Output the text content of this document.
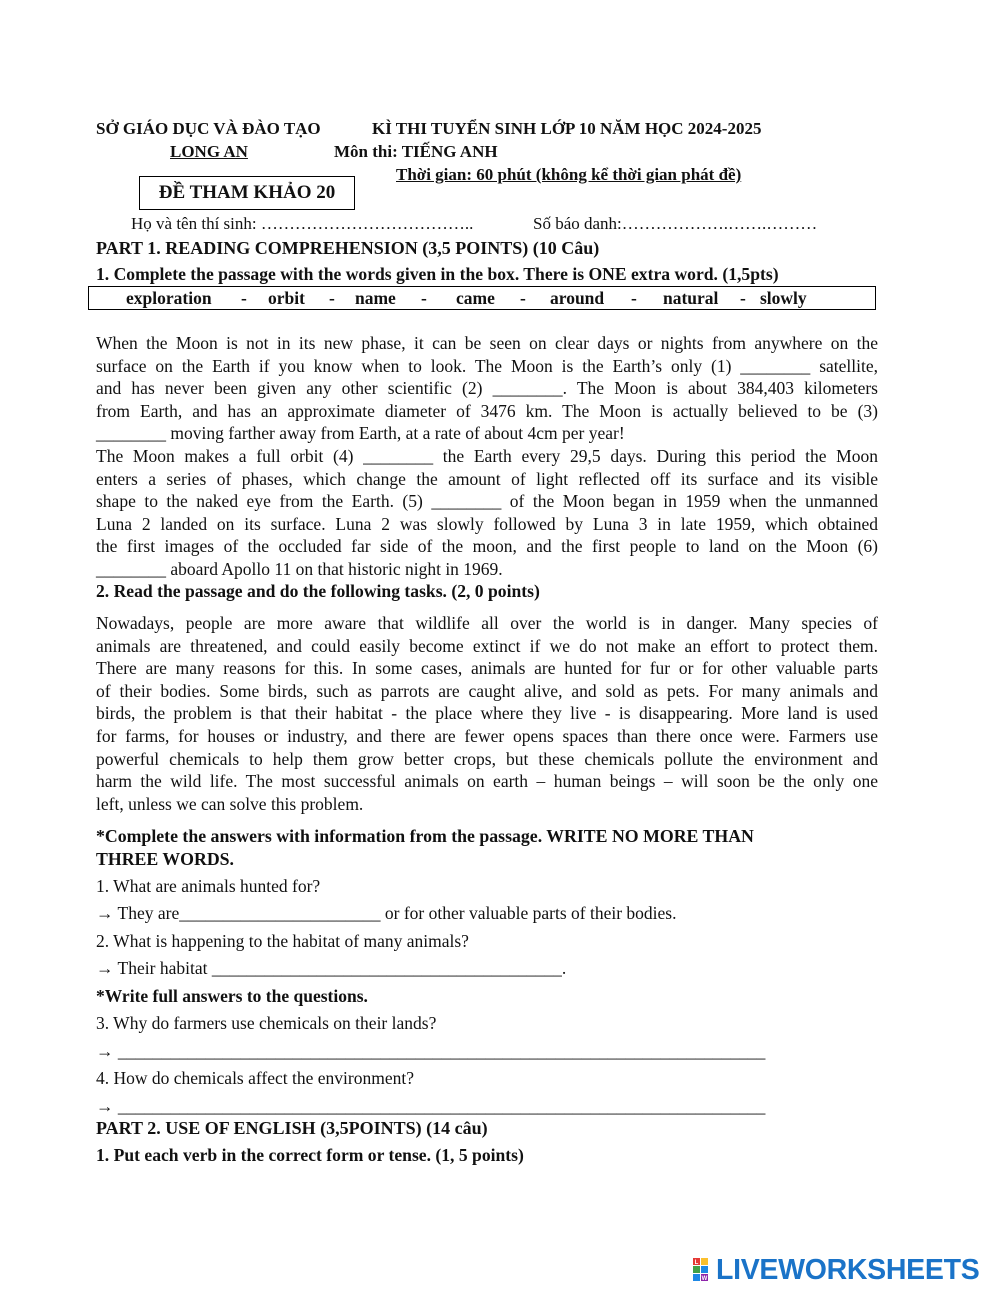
SỞ GIÁO DỤC VÀ ĐÀO TẠO	KÌ THI TUYỂN SINH LỚP 10 NĂM HỌC 2024-2025
LONG AN	Môn thi: TIẾNG ANH
Thời gian: 60 phút (không kể thời gian phát đề)
ĐỀ THAM KHẢO 20
Họ và tên thí sinh: ………………………………..	Số báo danh:……………….…….………
PART 1. READING COMPREHENSION (3,5 POINTS) (10 Câu)
1. Complete the passage with the words given in the box. There is ONE extra word. (1,5pts)
exploration - orbit - name - came - around - natural - slowly
When the Moon is not in its new phase, it can be seen on clear days or nights from anywhere on the
surface on the Earth if you know when to look. The Moon is the Earth’s only (1) ________ satellite,
and has never been given any other scientific (2) ________. The Moon is about 384,403 kilometers
from Earth, and has an approximate diameter of 3476 km. The Moon is actually believed to be (3)
________ moving farther away from Earth, at a rate of about 4cm per year!
The Moon makes a full orbit (4) ________ the Earth every 29,5 days. During this period the Moon
enters a series of phases, which change the amount of light reflected off its surface and its visible
shape to the naked eye from the Earth. (5) ________ of the Moon began in 1959 when the unmanned
Luna 2 landed on its surface. Luna 2 was slowly followed by Luna 3 in late 1959, which obtained
the first images of the occluded far side of the moon, and the first people to land on the Moon (6)
________ aboard Apollo 11 on that historic night in 1969.
2. Read the passage and do the following tasks. (2, 0 points)
Nowadays, people are more aware that wildlife all over the world is in danger. Many species of
animals are threatened, and could easily become extinct if we do not make an effort to protect them.
There are many reasons for this. In some cases, animals are hunted for fur or for other valuable parts
of their bodies. Some birds, such as parrots are caught alive, and sold as pets. For many animals and
birds, the problem is that their habitat - the place where they live - is disappearing. More land is used
for farms, for houses or industry, and there are fewer opens spaces than there once were. Farmers use
powerful chemicals to help them grow better crops, but these chemicals pollute the environment and
harm the wild life. The most successful animals on earth – human beings – will soon be the only one
left, unless we can solve this problem.
*Complete the answers with information from the passage. WRITE NO MORE THAN
THREE WORDS.
1. What are animals hunted for?
→ They are_______________________ or for other valuable parts of their bodies.
2. What is happening to the habitat of many animals?
→ Their habitat ________________________________________.
*Write full answers to the questions.
3. Why do farmers use chemicals on their lands?
→ __________________________________________________________________________
4. How do chemicals affect the environment?
→ __________________________________________________________________________
PART 2. USE OF ENGLISH (3,5POINTS) (14 câu)
1. Put each verb in the correct form or tense. (1, 5 points)
L
W LIVEWORKSHEETS
